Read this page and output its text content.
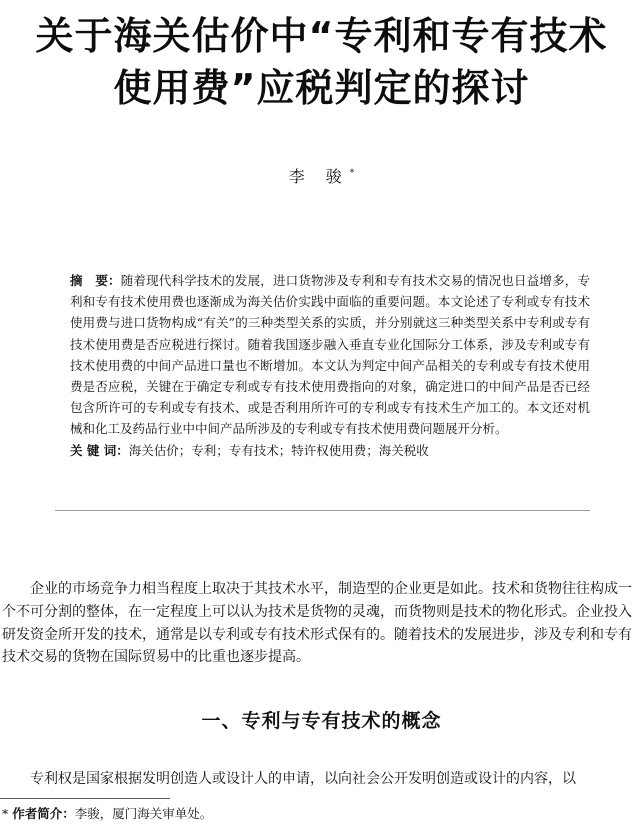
关于海关估价中“专利和专有技术
使用费”应税判定的探讨
李 骏*

摘　要：随着现代科学技术的发展，进口货物涉及专利和专有技术交易的情况也日益增多，专利和专有技术使用费也逐渐成为海关估价实践中面临的重要问题。本文论述了专利或专有技术使用费与进口货物构成“有关”的三种类型关系的实质，并分别就这三种类型关系中专利或专有技术使用费是否应税进行探讨。随着我国逐步融入垂直专业化国际分工体系，涉及专利或专有技术使用费的中间产品进口量也不断增加。本文认为判定中间产品相关的专利或专有技术使用费是否应税，关键在于确定专利或专有技术使用费指向的对象，确定进口的中间产品是否已经包含所许可的专利或专有技术、或是否利用所许可的专利或专有技术生产加工的。本文还对机械和化工及药品行业中中间产品所涉及的专利或专有技术使用费问题展开分析。

关 键 词：海关估价；专利；专有技术；特许权使用费；海关税收

企业的市场竞争力相当程度上取决于其技术水平，制造型的企业更是如此。技术和货物往往构成一个不可分割的整体，在一定程度上可以认为技术是货物的灵魂，而货物则是技术的物化形式。企业投入研发资金所开发的技术，通常是以专利或专有技术形式保有的。随着技术的发展进步，涉及专利和专有技术交易的货物在国际贸易中的比重也逐步提高。

一、专利与专有技术的概念

专利权是国家根据发明创造人或设计人的申请，以向社会公开发明创造或设计的内容，以

* 作者简介：李骏，厦门海关审单处。
